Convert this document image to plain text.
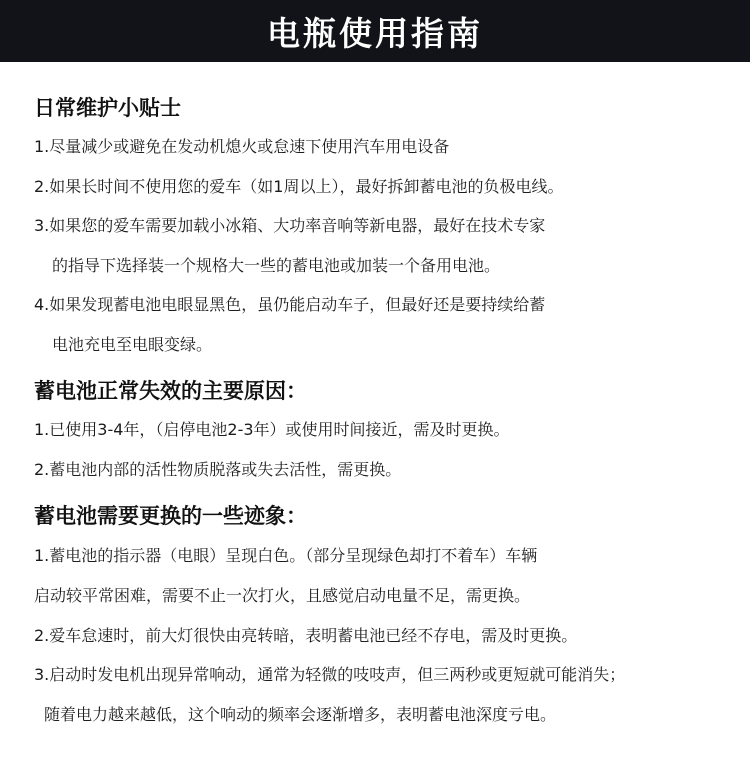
电瓶使用指南
日常维护小贴士
1.尽量减少或避免在发动机熄火或怠速下使用汽车用电设备
2.如果长时间不使用您的爱车（如1周以上），最好拆卸蓄电池的负极电线。
3.如果您的爱车需要加载小冰箱、大功率音响等新电器，最好在技术专家
的指导下选择装一个规格大一些的蓄电池或加装一个备用电池。
4.如果发现蓄电池电眼显黑色，虽仍能启动车子，但最好还是要持续给蓄
电池充电至电眼变绿。
蓄电池正常失效的主要原因：
1.已使用3-4年，（启停电池2-3年）或使用时间接近，需及时更换。
2.蓄电池内部的活性物质脱落或失去活性，需更换。
蓄电池需要更换的一些迹象：
1.蓄电池的指示器（电眼）呈现白色。（部分呈现绿色却打不着车）车辆
启动较平常困难，需要不止一次打火，且感觉启动电量不足，需更换。
2.爱车怠速时，前大灯很快由亮转暗，表明蓄电池已经不存电，需及时更换。
3.启动时发电机出现异常响动，通常为轻微的吱吱声，但三两秒或更短就可能消失；
随着电力越来越低，这个响动的频率会逐渐增多，表明蓄电池深度亏电。
